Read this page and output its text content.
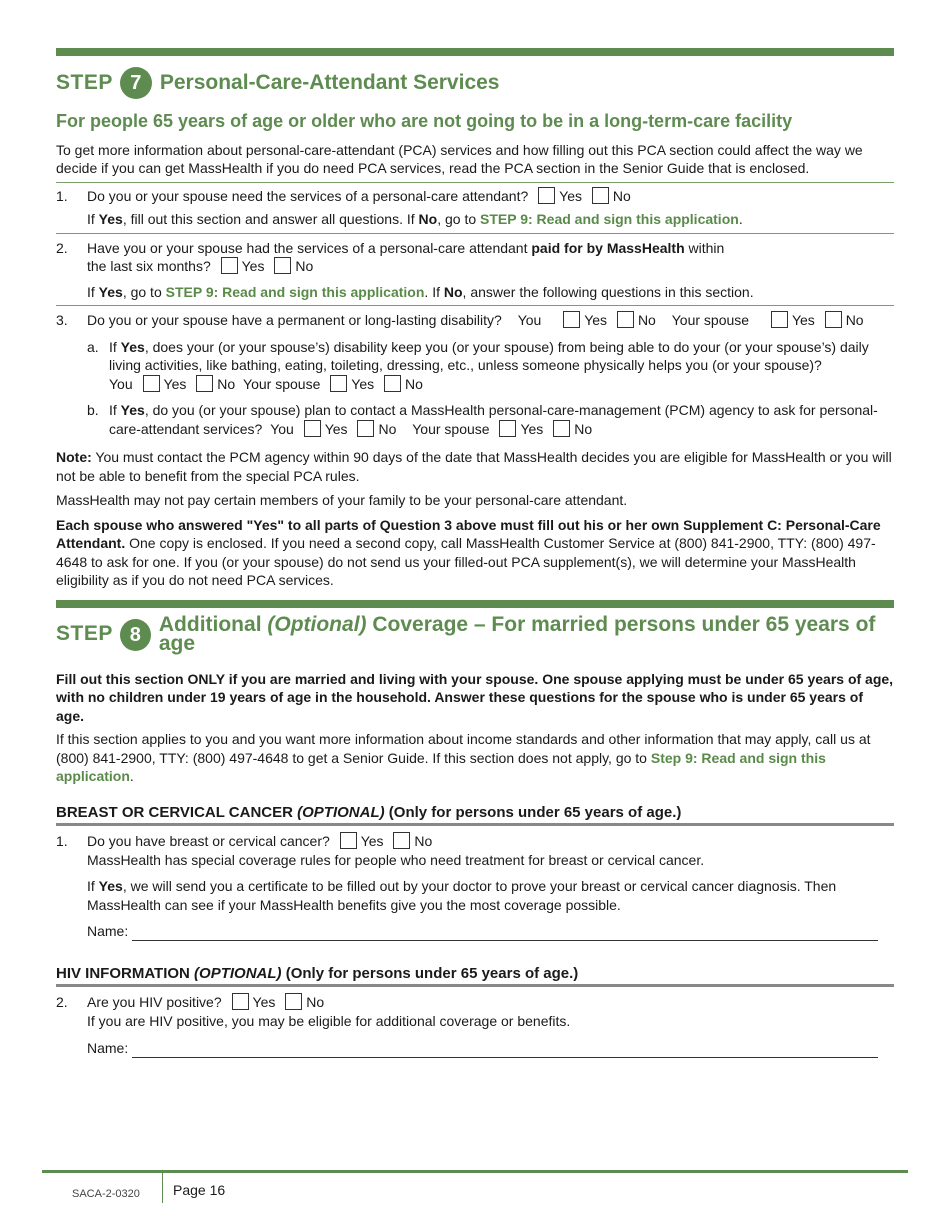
STEP 7 Personal-Care-Attendant Services
For people 65 years of age or older who are not going to be in a long-term-care facility

To get more information about personal-care-attendant (PCA) services and how filling out this PCA section could affect the way we decide if you can get MassHealth if you do need PCA services, read the PCA section in the Senior Guide that is enclosed.

1.	Do you or your spouse need the services of a personal-care attendant? Yes No

If Yes, fill out this section and answer all questions. If No, go to STEP 9: Read and sign this application.

2.	Have you or your spouse had the services of a personal-care attendant paid for by MassHealth within

the last six months? Yes No

If Yes, go to STEP 9: Read and sign this application. If No, answer the following questions in this section.

3.	Do you or your spouse have a permanent or long-lasting disability? You	Yes No Your spouse	Yes No

a. If Yes, does your (or your spouse’s) disability keep you (or your spouse) from being able to do your (or your spouse’s) daily living activities, like bathing, eating, toileting, dressing, etc., unless someone physically helps you (or your spouse)?

You Yes No Your spouse Yes No

b. If Yes, do you (or your spouse) plan to contact a MassHealth personal-care-management (PCM) agency to ask for personal-care-attendant services? You Yes No Your spouse Yes No

Note: You must contact the PCM agency within 90 days of the date that MassHealth decides you are eligible for MassHealth or you will not be able to benefit from the special PCA rules.

MassHealth may not pay certain members of your family to be your personal-care attendant.

Each spouse who answered "Yes" to all parts of Question 3 above must fill out his or her own Supplement C: Personal-Care Attendant. One copy is enclosed. If you need a second copy, call MassHealth Customer Service at (800) 841-2900, TTY: (800) 497-4648 to ask for one. If you (or your spouse) do not send us your filled-out PCA supplement(s), we will determine your MassHealth eligibility as if you do not need PCA services.

STEP 8 Additional (Optional) Coverage – For married persons under 65 years of age

Fill out this section ONLY if you are married and living with your spouse. One spouse applying must be under 65 years of age, with no children under 19 years of age in the household. Answer these questions for the spouse who is under 65 years of age.

If this section applies to you and you want more information about income standards and other information that may apply, call us at (800) 841-2900, TTY: (800) 497-4648 to get a Senior Guide. If this section does not apply, go to Step 9: Read and sign this application.

BREAST OR CERVICAL CANCER (OPTIONAL) (Only for persons under 65 years of age.)
1.	Do you have breast or cervical cancer? Yes No

MassHealth has special coverage rules for people who need treatment for breast or cervical cancer.

If Yes, we will send you a certificate to be filled out by your doctor to prove your breast or cervical cancer diagnosis. Then MassHealth can see if your MassHealth benefits give you the most coverage possible.

Name:
HIV INFORMATION (OPTIONAL) (Only for persons under 65 years of age.)
2.	Are you HIV positive? Yes No

If you are HIV positive, you may be eligible for additional coverage or benefits.

Name:
SACA-2-0320 Page 16
